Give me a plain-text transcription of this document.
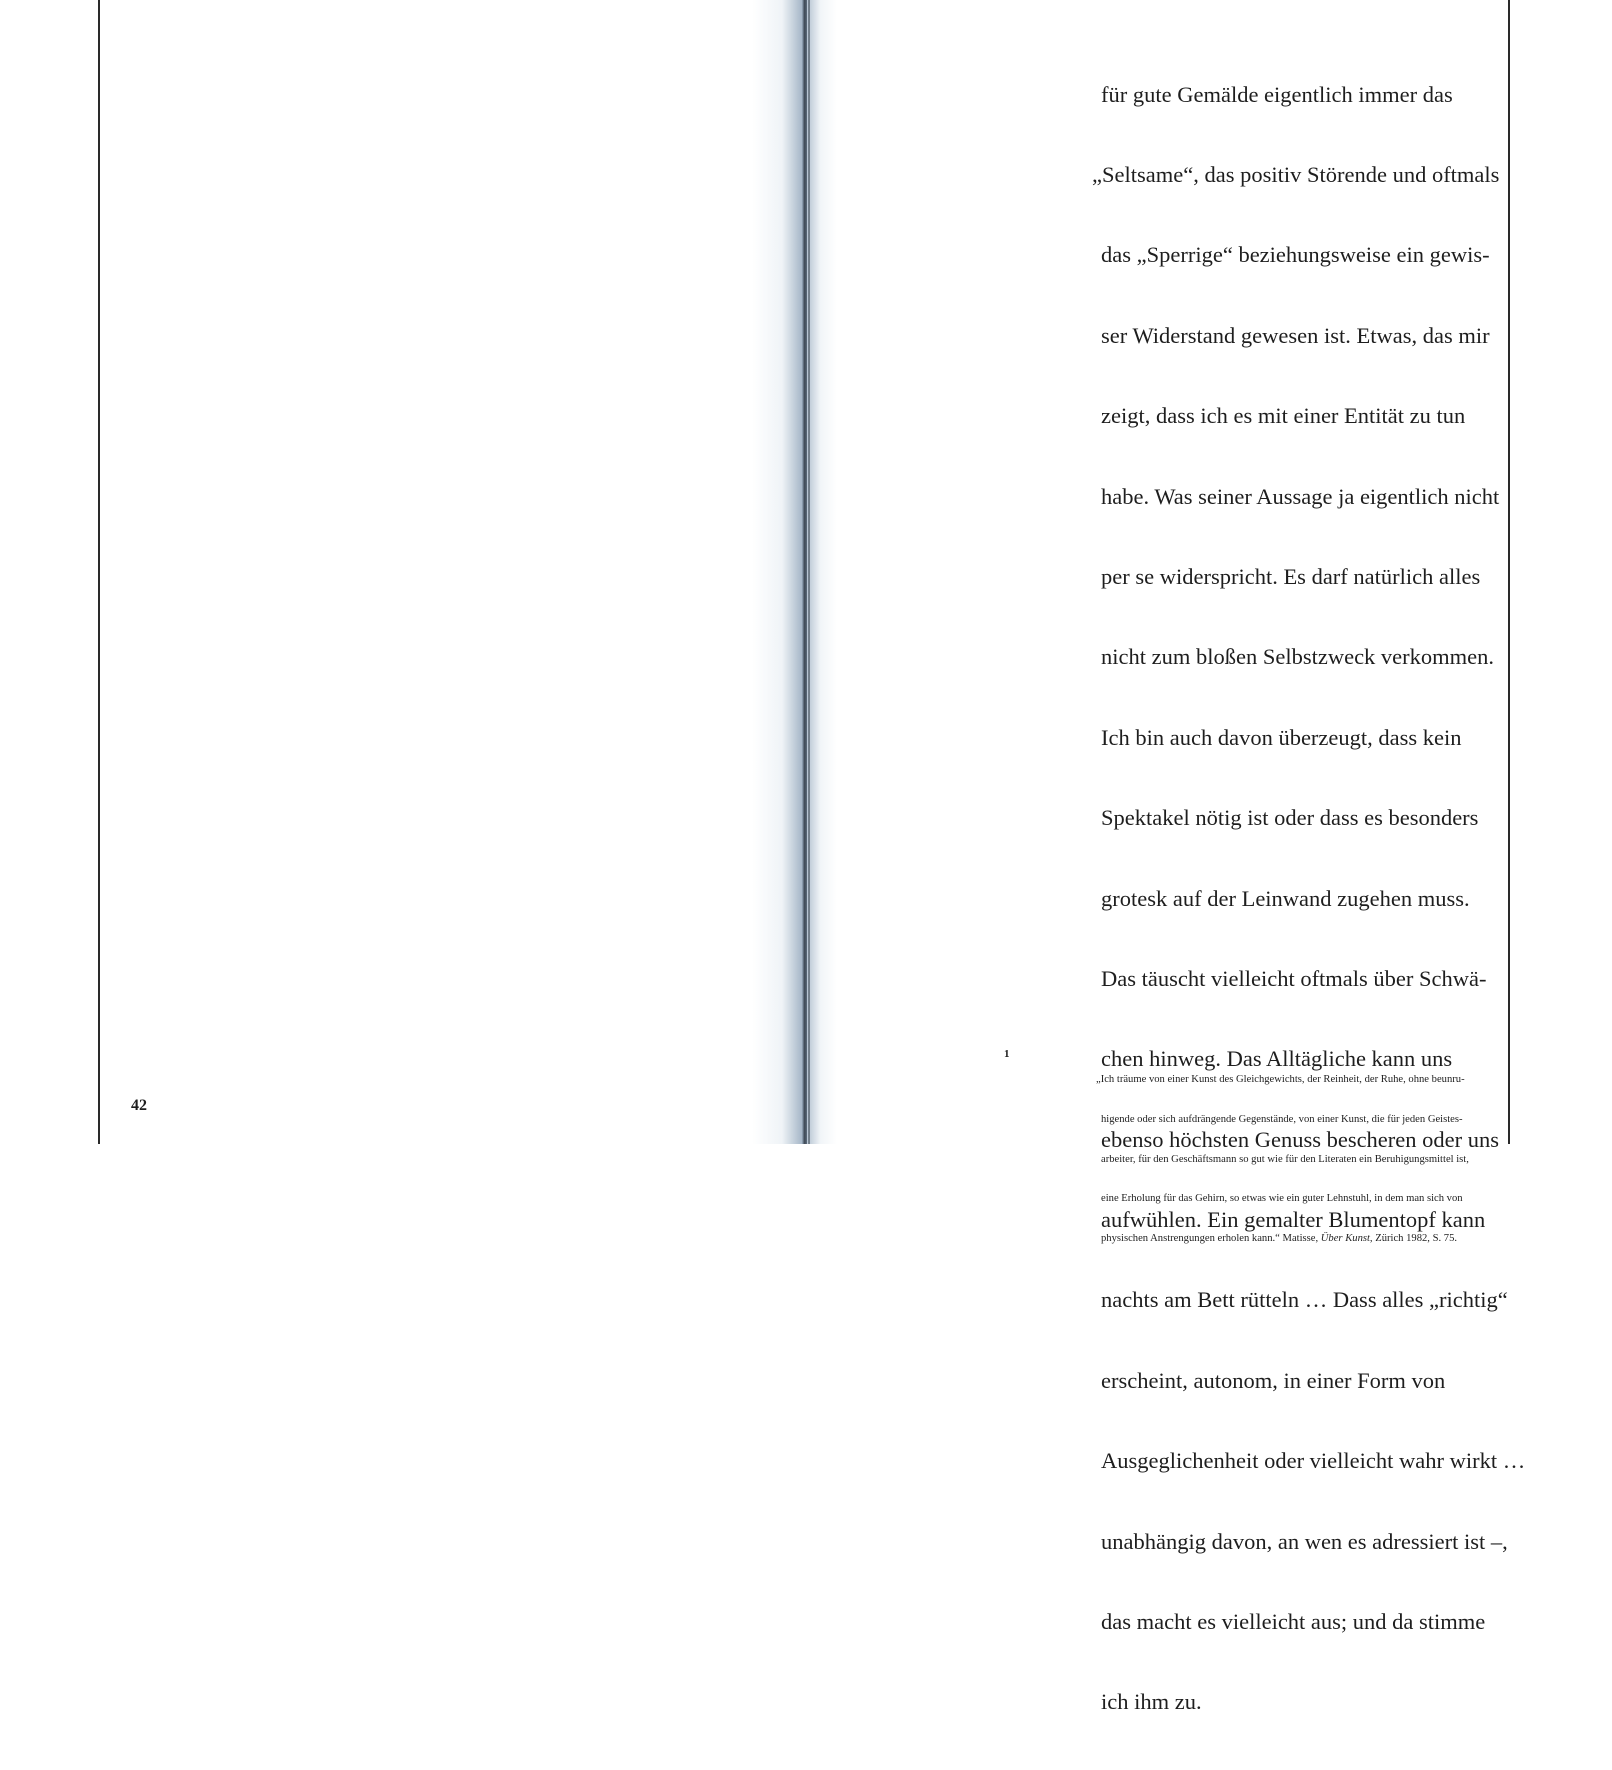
42

für gute Gemälde eigentlich immer das

„Seltsame“, das positiv Störende und oftmals

das „Sperrige“ beziehungsweise ein gewis-

ser Widerstand gewesen ist. Etwas, das mir

zeigt, dass ich es mit einer Entität zu tun

habe. Was seiner Aussage ja eigentlich nicht

per se widerspricht. Es darf natürlich alles

nicht zum bloßen Selbstzweck verkommen.

Ich bin auch davon überzeugt, dass kein

Spektakel nötig ist oder dass es besonders

grotesk auf der Leinwand zugehen muss.

Das täuscht vielleicht oftmals über Schwä-

chen hinweg. Das Alltägliche kann uns

ebenso höchsten Genuss bescheren oder uns

aufwühlen. Ein gemalter Blumentopf kann

nachts am Bett rütteln … Dass alles „richtig“

erscheint, autonom, in einer Form von

Ausgeglichenheit oder vielleicht wahr wirkt …

unabhängig davon, an wen es adressiert ist –,

das macht es vielleicht aus; und da stimme

ich ihm zu.

1

„Ich träume von einer Kunst des Gleichgewichts, der Reinheit, der Ruhe, ohne beunru-

higende oder sich aufdrängende Gegenstände, von einer Kunst, die für jeden Geistes-

arbeiter, für den Geschäftsmann so gut wie für den Literaten ein Beruhigungsmittel ist,

eine Erholung für das Gehirn, so etwas wie ein guter Lehnstuhl, in dem man sich von

physischen Anstrengungen erholen kann.“ Matisse, Über Kunst, Zürich 1982, S. 75.
